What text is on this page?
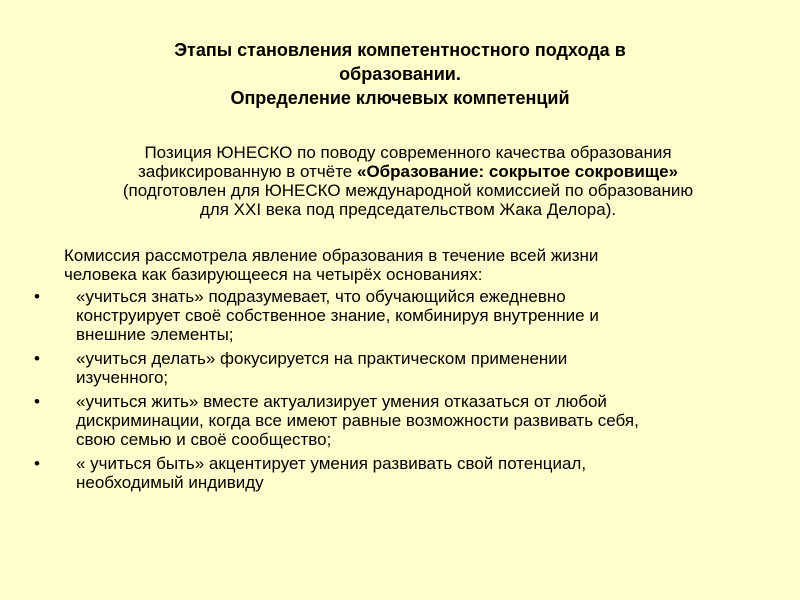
Этапы становления компетентностного подхода в
образовании.
Определение ключевых компетенций

Позиция ЮНЕСКО по поводу современного качества образования
зафиксированную в отчёте «Образование: сокрытое сокровище»
(подготовлен для ЮНЕСКО международной комиссией по образованию
для XXI века под председательством Жака Делора).

Комиссия рассмотрела явление образования в течение всей жизни
человека как базирующееся на четырёх основаниях:

• «учиться знать» подразумевает, что обучающийся ежедневно
конструирует своё собственное знание, комбинируя внутренние и
внешние элементы;
• «учиться делать» фокусируется на практическом применении
изученного;
• «учиться жить» вместе актуализирует умения отказаться от любой
дискриминации, когда все имеют равные возможности развивать себя,
свою семью и своё сообщество;
• « учиться быть» акцентирует умения развивать свой потенциал,
необходимый индивиду
